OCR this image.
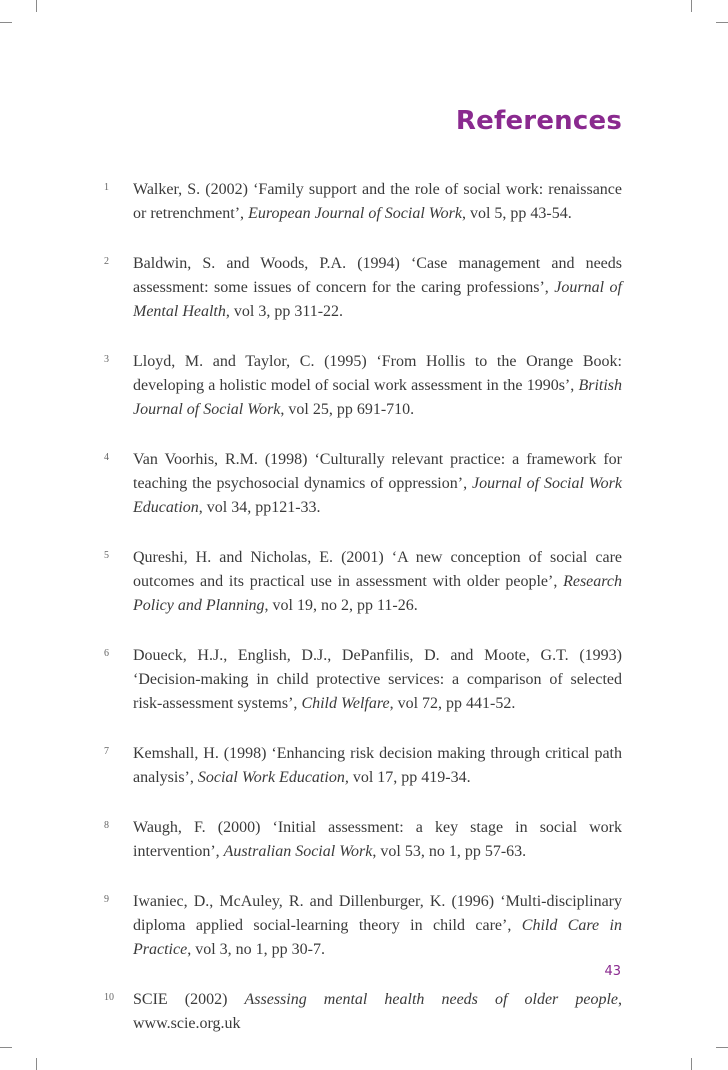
References
1 Walker, S. (2002) ‘Family support and the role of social work: renaissance or retrenchment’, European Journal of Social Work, vol 5, pp 43-54.

2 Baldwin, S. and Woods, P.A. (1994) ‘Case management and needs assessment: some issues of concern for the caring professions’, Journal of Mental Health, vol 3, pp 311-22.

3 Lloyd, M. and Taylor, C. (1995) ‘From Hollis to the Orange Book: developing a holistic model of social work assessment in the 1990s’, British Journal of Social Work, vol 25, pp 691-710.

4 Van Voorhis, R.M. (1998) ‘Culturally relevant practice: a framework for teaching the psychosocial dynamics of oppression’, Journal of Social Work Education, vol 34, pp121-33.

5 Qureshi, H. and Nicholas, E. (2001) ‘A new conception of social care outcomes and its practical use in assessment with older people’, Research Policy and Planning, vol 19, no 2, pp 11-26.

6 Doueck, H.J., English, D.J., DePanfilis, D. and Moote, G.T. (1993) ‘Decision-making in child protective services: a comparison of selected risk-assessment systems’, Child Welfare, vol 72, pp 441-52.

7 Kemshall, H. (1998) ‘Enhancing risk decision making through critical path analysis’, Social Work Education, vol 17, pp 419-34.

8 Waugh, F. (2000) ‘Initial assessment: a key stage in social work intervention’, Australian Social Work, vol 53, no 1, pp 57-63.

9 Iwaniec, D., McAuley, R. and Dillenburger, K. (1996) ‘Multi-disciplinary diploma applied social-learning theory in child care’, Child Care in Practice, vol 3, no 1, pp 30-7.

10 SCIE (2002) Assessing mental health needs of older people, www.scie.org.uk

43
